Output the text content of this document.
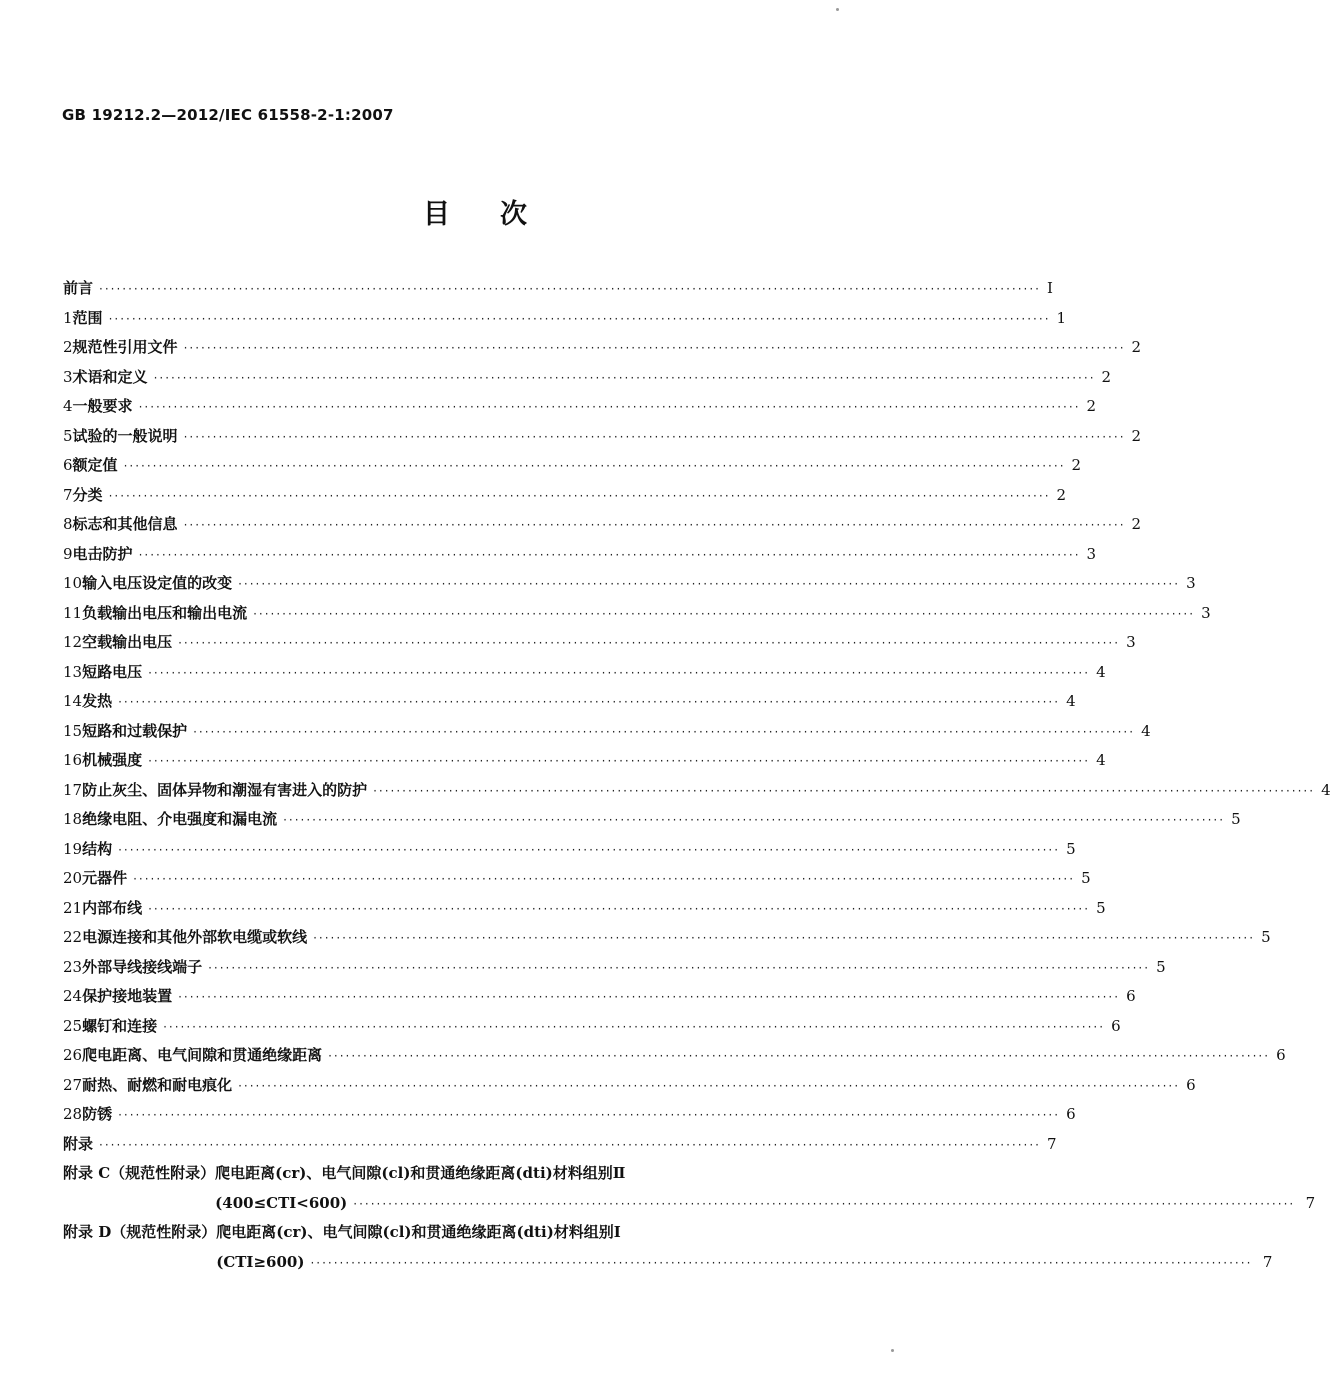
GB 19212.2—2012/IEC 61558-2-1:2007
目次
前言 ·····	I
1 范围 ·····	1
2 规范性引用文件 ·····	2
3 术语和定义 ·····	2
4 一般要求 ·····	2
5 试验的一般说明 ·····	2
6 额定值 ·····	2
7 分类 ·····	2
8 标志和其他信息 ·····	2
9 电击防护 ·····	3
10 输入电压设定值的改变 ·····	3
11 负载输出电压和输出电流 ·····	3
12 空载输出电压 ·····	3
13 短路电压 ·····	4
14 发热 ·····	4
15 短路和过载保护 ·····	4
16 机械强度 ·····	4
17 防止灰尘、固体异物和潮湿有害进入的防护 ·····	4
18 绝缘电阻、介电强度和漏电流 ·····	5
19 结构 ·····	5
20 元器件 ·····	5
21 内部布线 ·····	5
22 电源连接和其他外部软电缆或软线 ·····	5
23 外部导线接线端子 ·····	5
24 保护接地装置 ·····	6
25 螺钉和连接 ·····	6
26 爬电距离、电气间隙和贯通绝缘距离 ·····	6
27 耐热、耐燃和耐电痕化 ·····	6
28 防锈 ·····	6
附录 ·····	7
附录 C（规范性附录） 爬电距离(cr)、电气间隙(cl)和贯通绝缘距离(dti)材料组别Ⅱ
(400≤CTI<600) ·····	7
附录 D（规范性附录） 爬电距离(cr)、电气间隙(cl)和贯通绝缘距离(dti)材料组别Ⅰ
(CTI≥600) ·····	7
